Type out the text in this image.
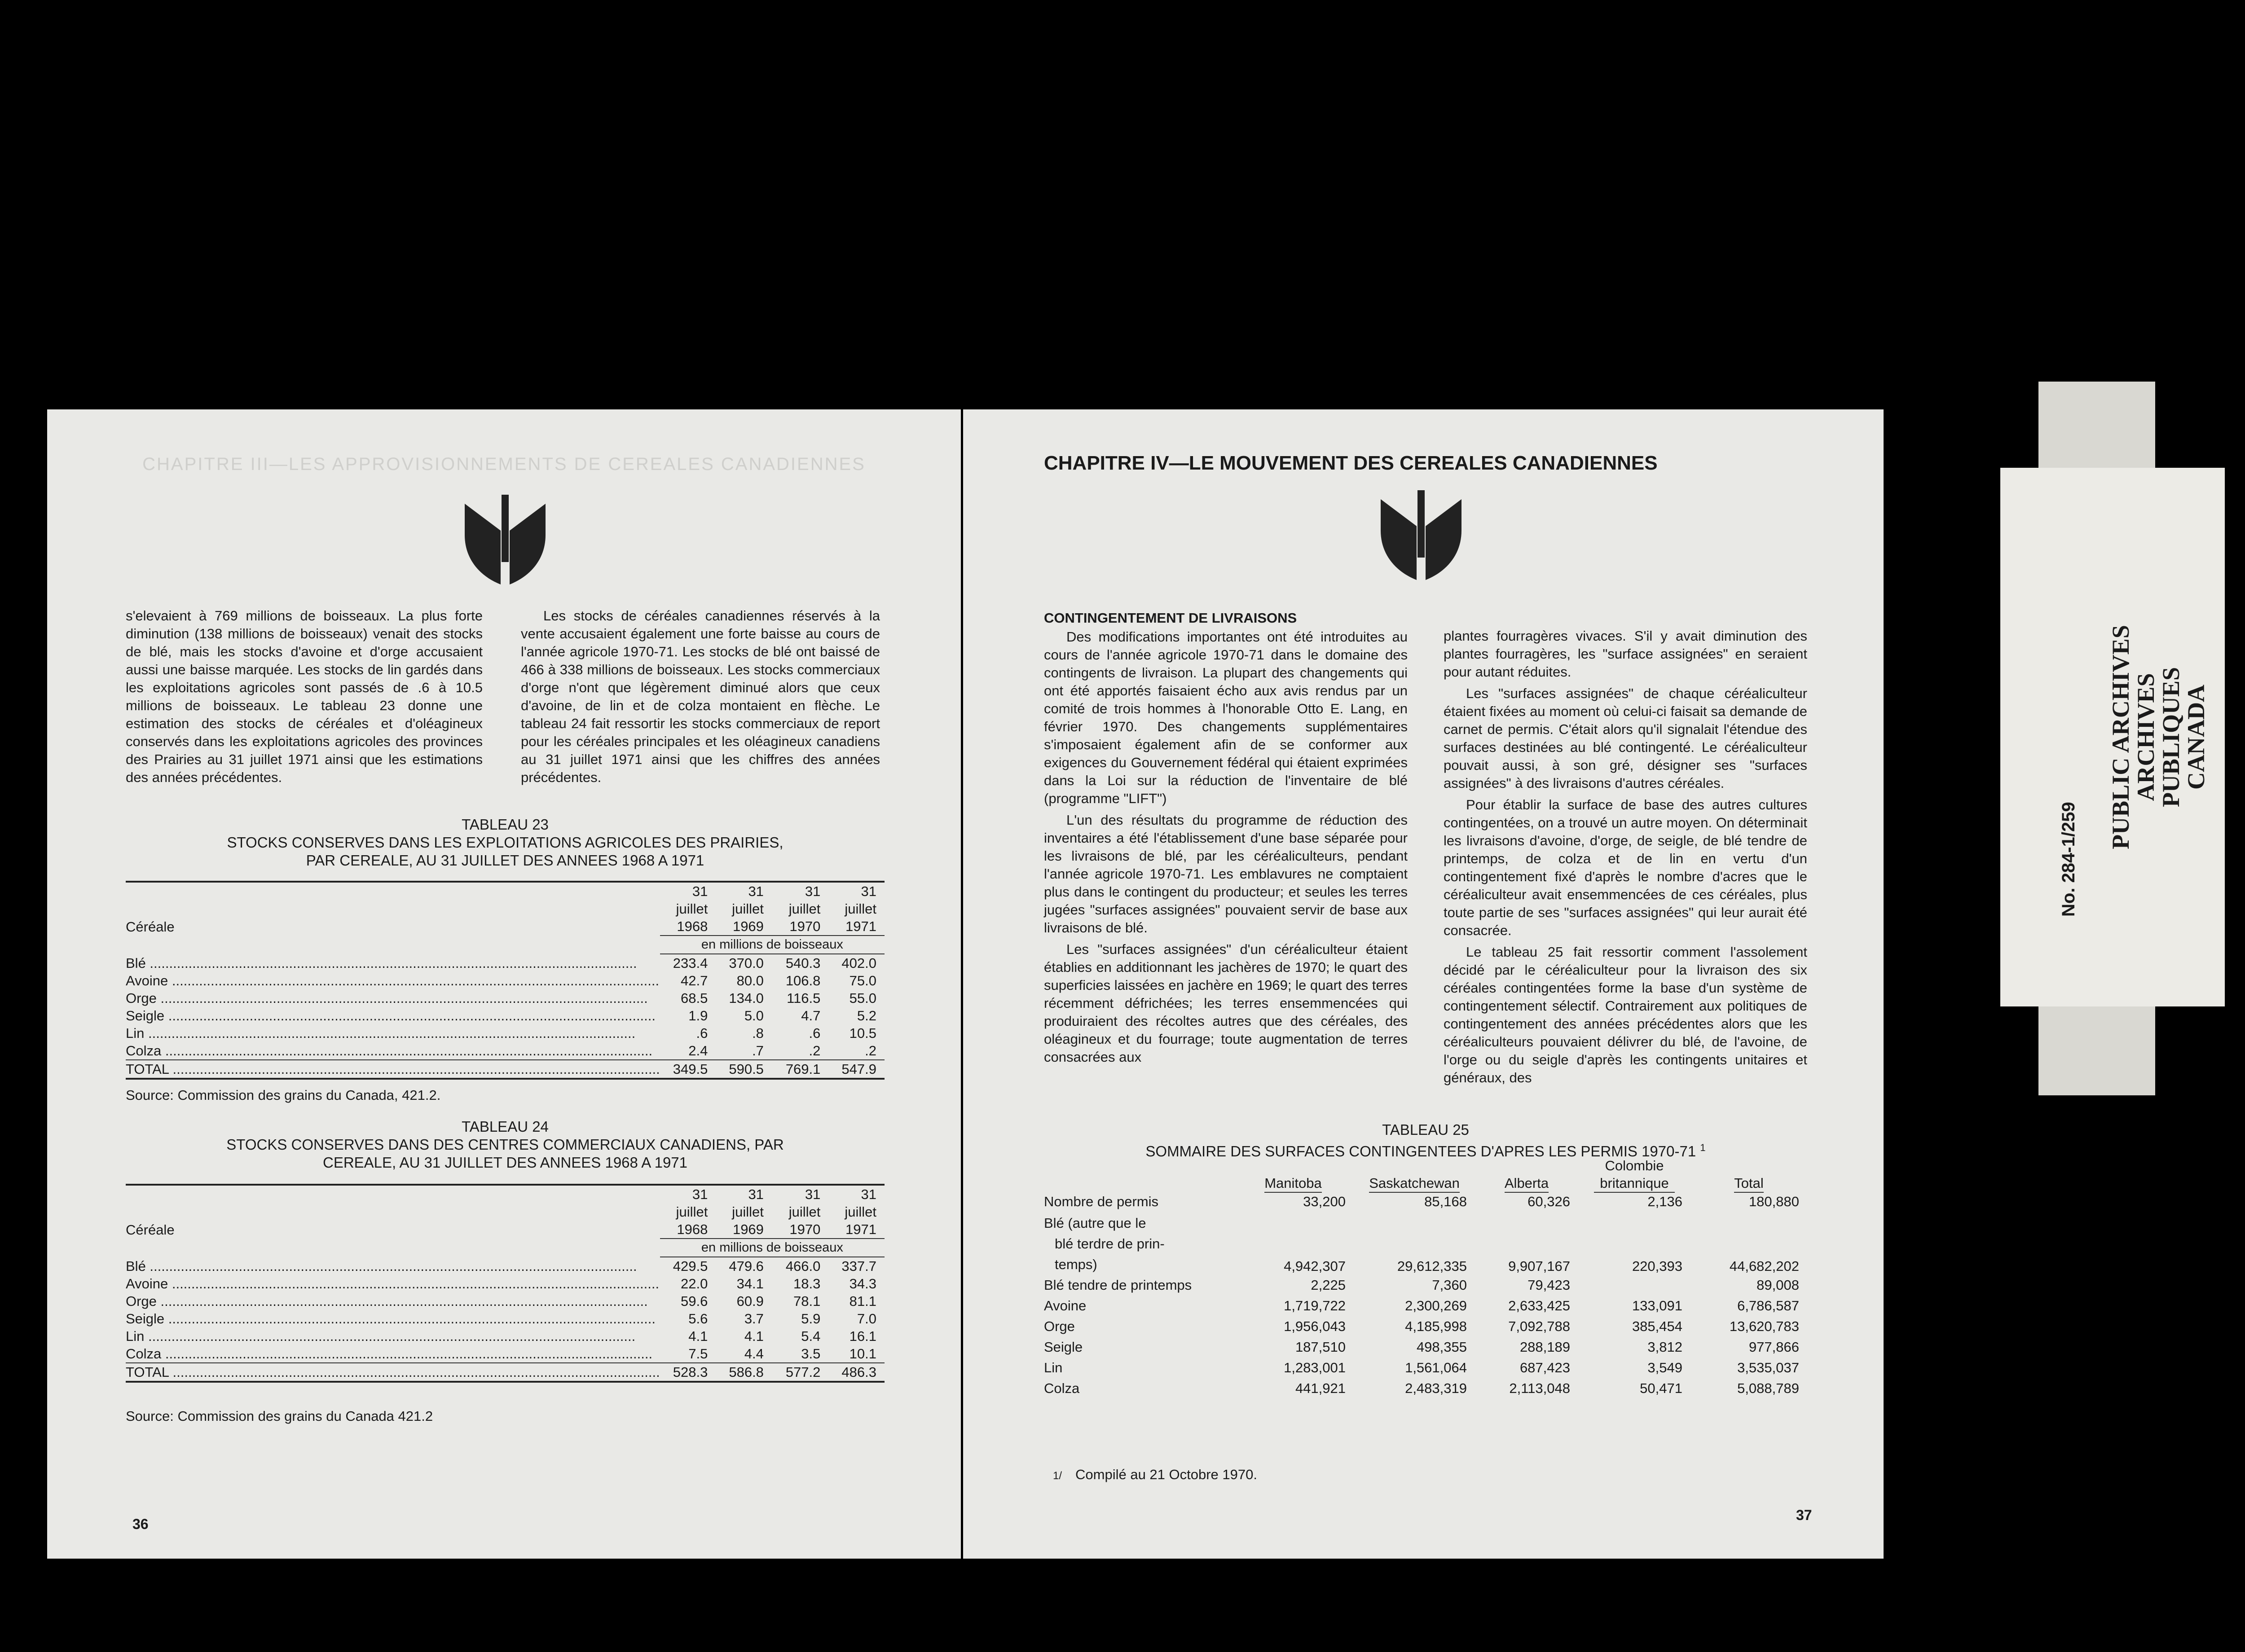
CHAPITRE III—LES APPROVISIONNEMENTS DE CEREALES CANADIENNES

s'elevaient à 769 millions de boisseaux. La plus forte diminution (138 millions de boisseaux) venait des stocks de blé, mais les stocks d'avoine et d'orge accusaient aussi une baisse marquée. Les stocks de lin gardés dans les exploitations agricoles sont passés de .6 à 10.5 millions de boisseaux. Le tableau 23 donne une estimation des stocks de céréales et d'oléagineux conservés dans les exploitations agricoles des provinces des Prairies au 31 juillet 1971 ainsi que les estimations des années précédentes.

Les stocks de céréales canadiennes réservés à la vente accusaient également une forte baisse au cours de l'année agricole 1970-71. Les stocks de blé ont baissé de 466 à 338 millions de boisseaux. Les stocks commerciaux d'orge n'ont que légèrement diminué alors que ceux d'avoine, de lin et de colza montaient en flèche. Le tableau 24 fait ressortir les stocks commerciaux de report pour les céréales principales et les oléagineux canadiens au 31 juillet 1971 ainsi que les chiffres des années précédentes.

TABLEAU 23
STOCKS CONSERVES DANS LES EXPLOITATIONS AGRICOLES DES PRAIRIES,
PAR CEREALE, AU 31 JUILLET DES ANNEES 1968 A 1971
	31 juillet	31 juillet	31 juillet	31 juillet
Céréale	1968	1969	1970	1971
	en millions de boisseaux			
Blé .....	233.4	370.0	540.3	402.0
Avoine .....	42.7	80.0	106.8	75.0
Orge .....	68.5	134.0	116.5	55.0
Seigle .....	1.9	5.0	4.7	5.2
Lin .....	.6	.8	.6	10.5
Colza .....	2.4	.7	.2	.2
TOTAL .....	349.5	590.5	769.1	547.9
Source: Commission des grains du Canada, 421.2.
TABLEAU 24
STOCKS CONSERVES DANS DES CENTRES COMMERCIAUX CANADIENS, PAR
CEREALE, AU 31 JUILLET DES ANNEES 1968 A 1971
	31 juillet	31 juillet	31 juillet	31 juillet
Céréale	1968	1969	1970	1971
	en millions de boisseaux			
Blé .....	429.5	479.6	466.0	337.7
Avoine .....	22.0	34.1	18.3	34.3
Orge .....	59.6	60.9	78.1	81.1
Seigle .....	5.6	3.7	5.9	7.0
Lin .....	4.1	4.1	5.4	16.1
Colza .....	7.5	4.4	3.5	10.1
TOTAL .....	528.3	586.8	577.2	486.3
Source: Commission des grains du Canada 421.2
36
CHAPITRE IV—LE MOUVEMENT DES CEREALES CANADIENNES

CONTINGENTEMENT DE LIVRAISONS

Des modifications importantes ont été introduites au cours de l'année agricole 1970-71 dans le domaine des contingents de livraison. La plupart des changements qui ont été apportés faisaient écho aux avis rendus par un comité de trois hommes à l'honorable Otto E. Lang, en février 1970. Des changements supplémentaires s'imposaient également afin de se conformer aux exigences du Gouvernement fédéral qui étaient exprimées dans la Loi sur la réduction de l'inventaire de blé (programme "LIFT")

L'un des résultats du programme de réduction des inventaires a été l'établissement d'une base séparée pour les livraisons de blé, par les céréaliculteurs, pendant l'année agricole 1970-71. Les emblavures ne comptaient plus dans le contingent du producteur; et seules les terres jugées "surfaces assignées" pouvaient servir de base aux livraisons de blé.

Les "surfaces assignées" d'un céréaliculteur étaient établies en additionnant les jachères de 1970; le quart des superficies laissées en jachère en 1969; le quart des terres récemment défrichées; les terres ensemmencées qui produiraient des récoltes autres que des céréales, des oléagineux et du fourrage; toute augmentation de terres consacrées aux

plantes fourragères vivaces. S'il y avait diminution des plantes fourragères, les "surface assignées" en seraient pour autant réduites.

Les "surfaces assignées" de chaque céréaliculteur étaient fixées au moment où celui-ci faisait sa demande de carnet de permis. C'était alors qu'il signalait l'étendue des surfaces destinées au blé contingenté. Le céréaliculteur pouvait aussi, à son gré, désigner ses "surfaces assignées" à des livraisons d'autres céréales.

Pour établir la surface de base des autres cultures contingentées, on a trouvé un autre moyen. On déterminait les livraisons d'avoine, d'orge, de seigle, de blé tendre de printemps, de colza et de lin en vertu d'un contingentement fixé d'après le nombre d'acres que le céréaliculteur avait ensemmencées de ces céréales, plus toute partie de ses "surfaces assignées" qui leur aurait été consacrée.

Le tableau 25 fait ressortir comment l'assolement décidé par le céréaliculteur pour la livraison des six céréales contingentées forme la base d'un système de contingentement sélectif. Contrairement aux politiques de contingentement des années précédentes alors que les céréaliculteurs pouvaient délivrer du blé, de l'avoine, de l'orge ou du seigle d'après les contingents unitaires et généraux, des

TABLEAU 25
SOMMAIRE DES SURFACES CONTINGENTEES D'APRES LES PERMIS 1970-71 $^1$
	Manitoba	Saskatchewan	Alberta	Colombie britannique	Total
Nombre de permis	33,200	85,168	60,326	2,136	180,880

Blé (autre que le
blé terdre de prin-
temps)	4,942,307	29,612,335	9,907,167	220,393	44,682,202
Blé tendre de printemps	2,225	7,360	79,423		89,008
Avoine	1,719,722	2,300,269	2,633,425	133,091	6,786,587
Orge	1,956,043	4,185,998	7,092,788	385,454	13,620,783
Seigle	187,510	498,355	288,189	3,812	977,866
Lin	1,283,001	1,561,064	687,423	3,549	3,535,037
Colza	441,921	2,483,319	2,113,048	50,471	5,088,789
1/ Compilé au 21 Octobre 1970.
37
No. 284-1/259
PUBLIC ARCHIVES
ARCHIVES PUBLIQUES
CANADA
